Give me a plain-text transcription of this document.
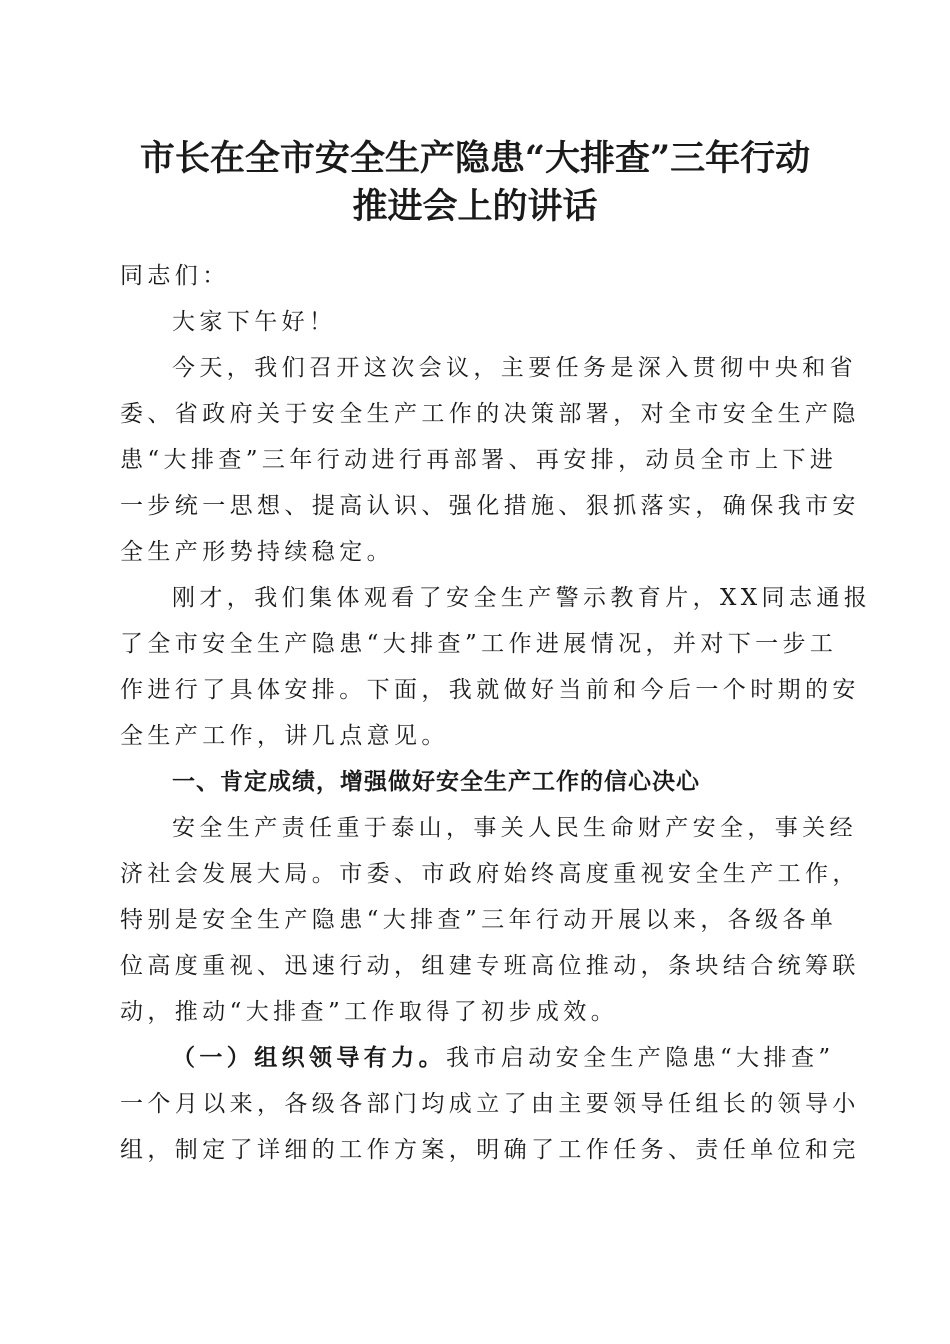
市长在全市安全生产隐患“大排查”三年行动
推进会上的讲话
同志们：
大家下午好！
今天，我们召开这次会议，主要任务是深入贯彻中央和省
委、省政府关于安全生产工作的决策部署，对全市安全生产隐
患“大排查”三年行动进行再部署、再安排，动员全市上下进
一步统一思想、提高认识、强化措施、狠抓落实，确保我市安
全生产形势持续稳定。
刚才，我们集体观看了安全生产警示教育片，XX同志通报
了全市安全生产隐患“大排查”工作进展情况，并对下一步工
作进行了具体安排。下面，我就做好当前和今后一个时期的安
全生产工作，讲几点意见。
一、肯定成绩，增强做好安全生产工作的信心决心
安全生产责任重于泰山，事关人民生命财产安全，事关经
济社会发展大局。市委、市政府始终高度重视安全生产工作，
特别是安全生产隐患“大排查”三年行动开展以来，各级各单
位高度重视、迅速行动，组建专班高位推动，条块结合统筹联
动，推动“大排查”工作取得了初步成效。
（一）组织领导有力。我市启动安全生产隐患“大排查”
一个月以来，各级各部门均成立了由主要领导任组长的领导小
组，制定了详细的工作方案，明确了工作任务、责任单位和完
